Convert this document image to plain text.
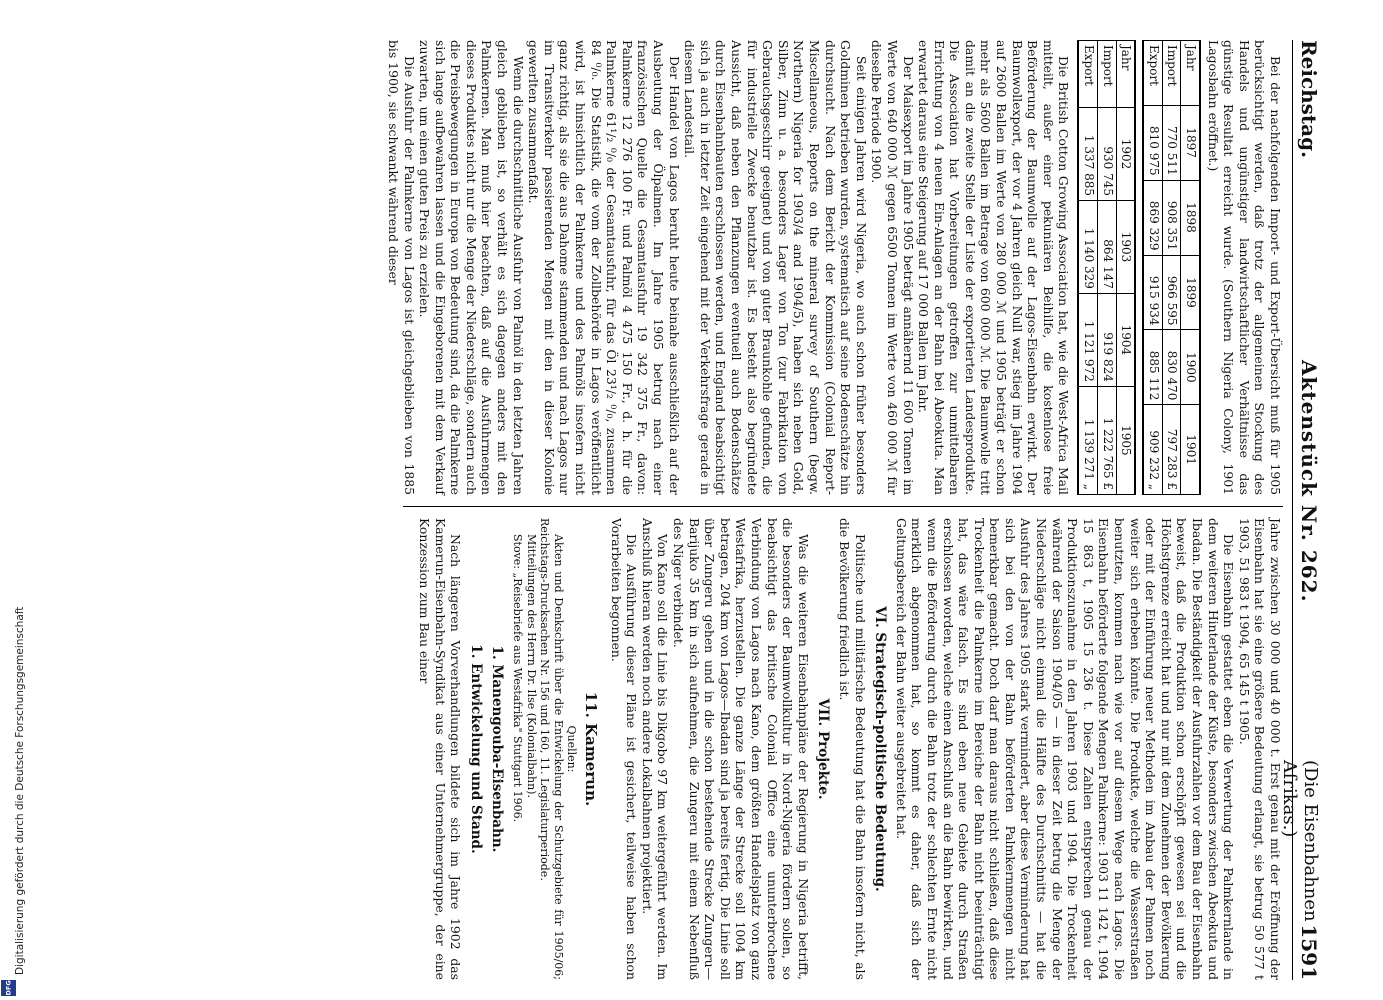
Digitalisierung gefördert durch die Deutsche Forschungsgemeinschaft
DFG
Reichstag.
Aktenstück Nr. 262.
(Die Eisenbahnen Afrikas.)
1591

Bei der nachfolgenden Import- und Export-Übersicht muß für 1905 berücksichtigt werden, daß trotz der allgemeinen Stockung des Handels und ungünstiger landwirtschaftlicher Verhältnisse das günstige Resultat erreicht wurde. (Southern Nigeria Colony, 1901 Lagosbahn eröffnet.)

Jahr	1897	1898	1899	1900	1901
Import	770 511	908 351	966 595	830 470	797 283 £
Export	810 975	869 329	915 934	885 112	909 232 „
Jahr	1902	1903	1904	1905
Import	930 745	864 147	919 824	1 222 765 £
Export	1 337 885	1 140 329	1 121 972	1 139 271 „

Die British Cotton Growing Association hat, wie die West-Africa Mail mitteilt, außer einer pekuniären Beihilfe, die kostenlose freie Beförderung der Baumwolle auf der Lagos-Eisenbahn erwirkt. Der Baumwollexport, der vor 4 Jahren gleich Null war, stieg im Jahre 1904 auf 2600 Ballen im Werte von 280 000 ℳ und 1905 beträgt er schon mehr als 5600 Ballen im Betrage von 600 000 ℳ. Die Baumwolle tritt damit an die zweite Stelle der Liste der exportierten Landesprodukte. Die Association hat Vorbereitungen getroffen zur unmittelbaren Errichtung von 4 neuen Ein-Anlagen an der Bahn bei Abeokuta. Man erwartet daraus eine Steigerung auf 17 000 Ballen im Jahr.

Der Maisexport im Jahre 1905 beträgt annähernd 11 600 Tonnen im Werte von 640 000 ℳ gegen 6500 Tonnen im Werte von 460 000 ℳ für dieselbe Periode 1900.

Seit einigen Jahren wird Nigeria, wo auch schon früher besonders Goldminen betrieben wurden, systematisch auf seine Bodenschätze hin durchsucht. Nach dem Bericht der Kommission (Colonial Report-Miscellaneous, Reports on the mineral survey of Southern (begw. Northern) Nigeria for 1903/4 and 1904/5), haben sich neben Gold, Silber, Zinn u. a. besonders Lager von Ton (zur Fabrikation von Gebrauchsgeschirr geeignet) und von guter Braunkohle gefunden, die für industrielle Zwecke benutzbar ist. Es besteht also begründete Aussicht, daß neben den Pflanzungen eventuell auch Bodenschätze durch Eisenbahnbauten erschlossen werden, und England beabsichtigt sich ja auch in letzter Zeit eingehend mit der Verkehrsfrage gerade in diesem Landestail.

Der Handel von Lagos beruht heute beinahe ausschließlich auf der Ausbeutung der Ölpalmen. Im Jahre 1905 betrug nach einer französischen Quelle die Gesamtausfuhr 19 342 375 Fr., davon: Palmkerne 12 276 100 Fr. und Palmöl 4 475 150 Fr., d. h. für die Palmkerne 61¹/₂ ⁰/₀ der Gesamtausfuhr, für das Öl 23¹/₂ ⁰/₀, zusammen 84 ⁰/₀. Die Statistik, die vom der Zollbehörde in Lagos veröffentlicht wird, ist hinsichtlich der Palmkerne und des Palmöls insofern nicht ganz richtig, als sie die aus Dahome stammenden und nach Lagos nur im Transitverkehr passierenden Mengen mit den in dieser Kolonie gewerlten zusammenfaßt.

Wenn die durchschnittliche Ausfuhr von Palmöl in den letzten Jahren gleich geblieben ist, so verhält es sich dagegen anders mit den Palmkernen. Man muß hier beachten, daß auf die Ausfuhrmengen dieses Produktes nicht nur die Menge der Niederschläge, sondern auch die Preisbewegungen in Europa von Bedeutung sind, da die Palmkerne sich lange aufbewahren lassen und die Eingeborenen mit dem Verkauf zuwarten, um einen guten Preis zu erzielen.

Die Ausfuhr der Palmkerne von Lagos ist gleichgeblieben von 1885 bis 1900, sie schwankt während dieser

Jahre zwischen 30 000 und 40 000 t. Erst genau mit der Eröffnung der Eisenbahn hat sie eine größere Bedeutung erlangt, sie betrug 50 577 t 1903, 51 983 t 1904, 65 145 t 1905.

Die Eisenbahn gestattet eben die Verwertung der Palmkernlande in dem weiteren Hinterlande der Küste, besonders zwischen Abeokuta und Ibadan. Die Beständigkeit der Ausfuhrzahlen vor dem Bau der Eisenbahn beweist, daß die Produktion schon erschöpft gewesen sei und die Höchstgrenze erreicht hat und nur mit dem Zunehmen der Bevölkerung oder mit der Einführung neuer Methoden im Anbau der Palmen noch weiter sich erheben könnte. Die Produkte, welche die Wasserstraßen benutzten, kommen nach wie vor auf diesem Wege nach Lagos. Die Eisenbahn beförderte folgende Mengen Palmkerne: 1903 11 142 t, 1904 15 863 t, 1905 15 236 t. Diese Zahlen entsprechen genau der Produktionszunahme in den Jahren 1903 und 1904. Die Trockenheit während der Saison 1904/05 — in dieser Zeit betrug die Menge der Niederschläge nicht einmal die Hälfte des Durchschnitts — hat die Ausfuhr des Jahres 1905 stark vermindert, aber diese Verminderung hat sich bei den von der Bahn beförderten Palmkernmengen nicht bemerkbar gemacht. Doch darf man daraus nicht schließen, daß diese Trockenheit die Palmkerne im Bereiche der Bahn nicht beeinträchtigt hat, das wäre falsch. Es sind eben neue Gebiete durch Straßen erschlossen worden, welche einen Anschluß an die Bahn bewirkten, und wenn die Beförderung durch die Bahn trotz der schlechten Ernte nicht merklich abgenommen hat, so kommt es daher, daß sich der Geltungsbereich der Bahn weiter ausgebreitet hat.

VI. Strategisch-politische Bedeutung.

Politische und militärische Bedeutung hat die Bahn insofern nicht, als die Bevölkerung friedlich ist.

VII. Projekte.

Was die weiteren Eisenbahnpläne der Regierung in Nigeria betrifft, die besonders der Baumwollkultur in Nord-Nigeria fördern sollen, so beabsichtigt das britische Colonial Office eine ununterbrochene Verbindung von Lagos nach Kano, dem größten Handelsplatz von ganz Westafrika, herzustellen. Die ganze Länge der Strecke soll 1004 km betragen, 204 km von Lagos—Ibadan sind ja bereits fertig. Die Linie soll über Zungeru gehen und in die schon bestehende Strecke Zungeru—Barijuko 35 km in sich aufnehmen, die Zungeru mit einem Nebenfluß des Niger verbindet.

Von Kano soll die Linie bis Dikgobo 97 km weitergeführt werden. Im Anschluß hieran werden noch andere Lokalbahnen projektiert.

Die Ausführung dieser Pläne ist gesichert, teilweise haben schon Vorarbeiten begonnen.

11. Kamerun.
Quellen:

Akten und Denkschrift über die Entwickelung der Schutzgebiete für 1905/06; Reichstags-Drucksachen Nr. 156 und 160, 11. Legislaturperiode.

Mitteilungen des Herrn Dr. Ilse (Kolonialbahn).

Stove: „Reisebriefe aus Westafrika" Stuttgart 1906.

1. Manengouba-Eisenbahn.
1. Entwickelung und Stand.

Nach längeren Vorverhandlungen bildete sich im Jahre 1902 das Kamerun-Eisenbahn-Syndikat aus einer Unternehmergruppe, der eine Konzession zum Bau einer
